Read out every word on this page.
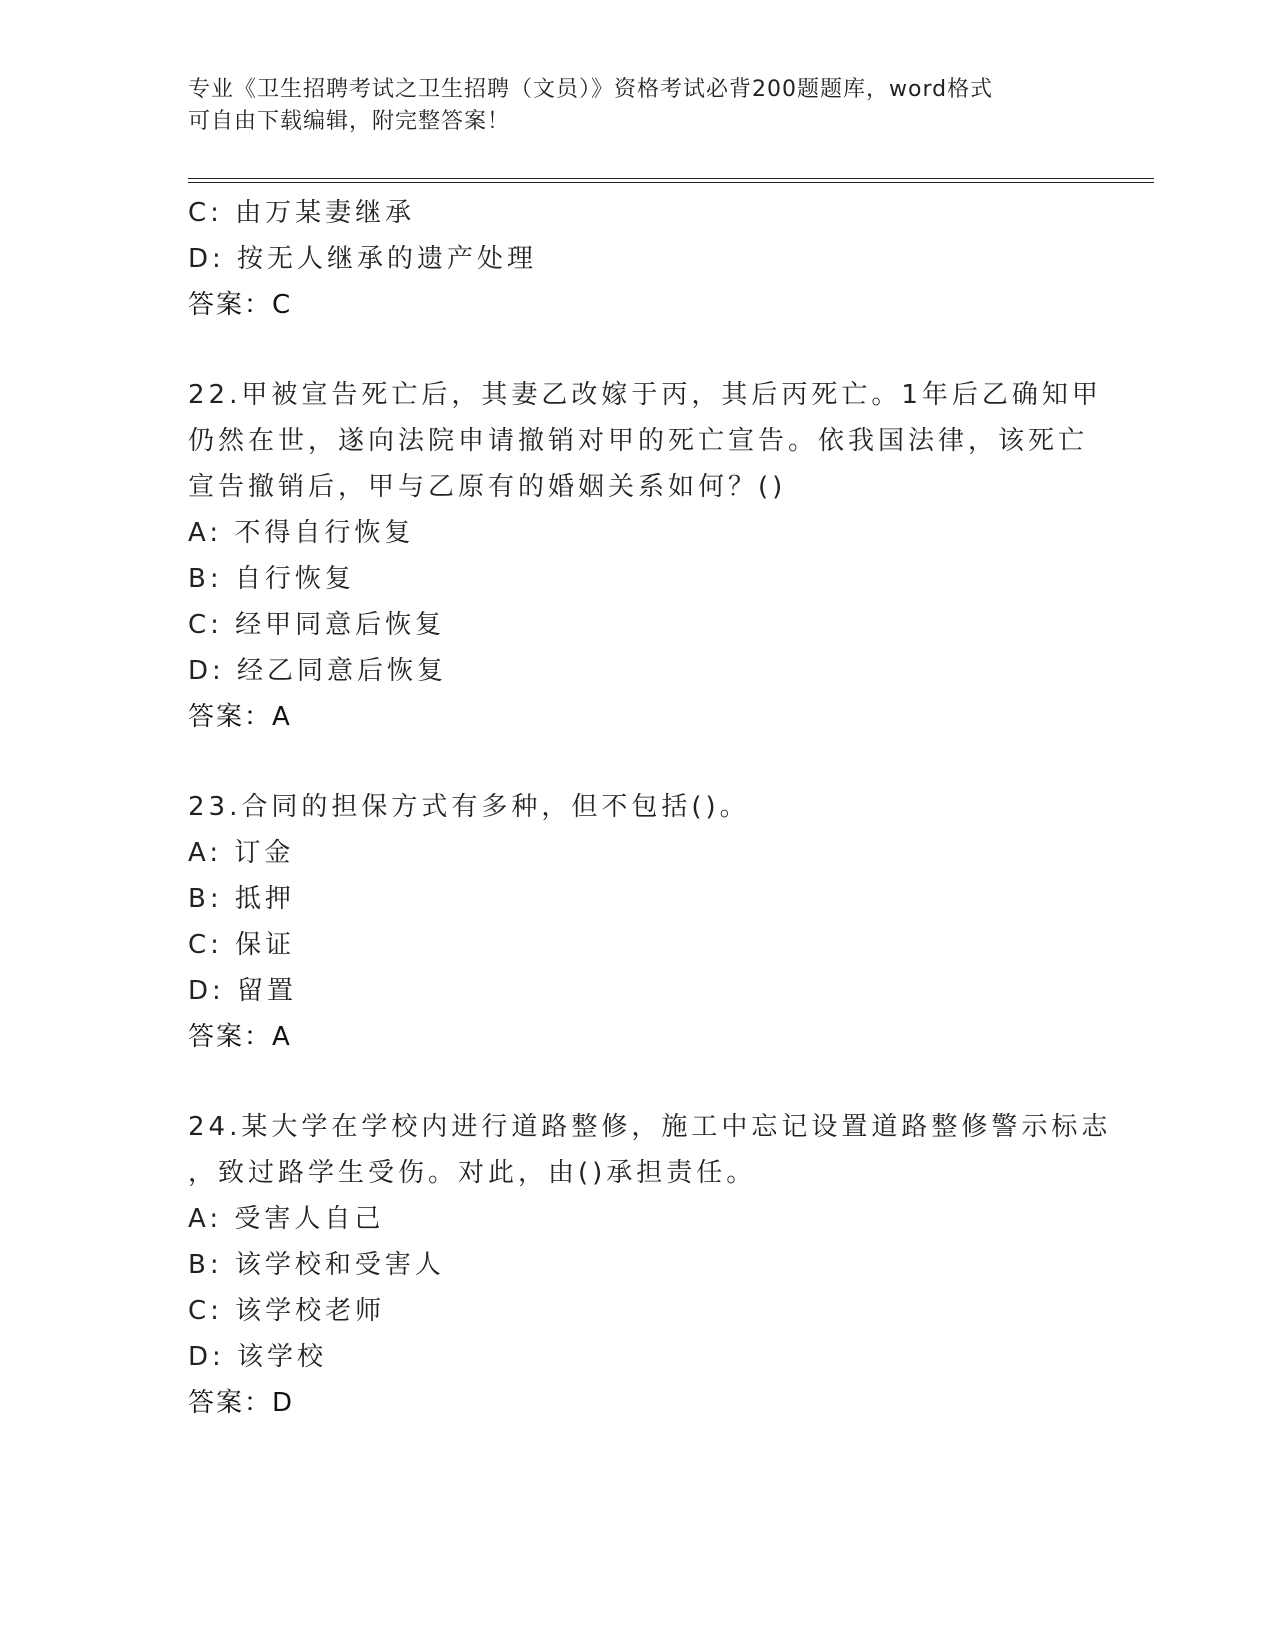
专业《卫生招聘考试之卫生招聘（文员）》资格考试必背200题题库，word格式
可自由下载编辑，附完整答案！
C: 由万某妻继承
D: 按无人继承的遗产处理
答案：C
22.甲被宣告死亡后，其妻乙改嫁于丙，其后丙死亡。1年后乙确知甲
仍然在世，遂向法院申请撤销对甲的死亡宣告。依我国法律，该死亡
宣告撤销后，甲与乙原有的婚姻关系如何？()
A: 不得自行恢复
B: 自行恢复
C: 经甲同意后恢复
D: 经乙同意后恢复
答案：A
23.合同的担保方式有多种，但不包括()。
A: 订金
B: 抵押
C: 保证
D: 留置
答案：A
24.某大学在学校内进行道路整修，施工中忘记设置道路整修警示标志
，致过路学生受伤。对此，由()承担责任。
A: 受害人自己
B: 该学校和受害人
C: 该学校老师
D: 该学校
答案：D
